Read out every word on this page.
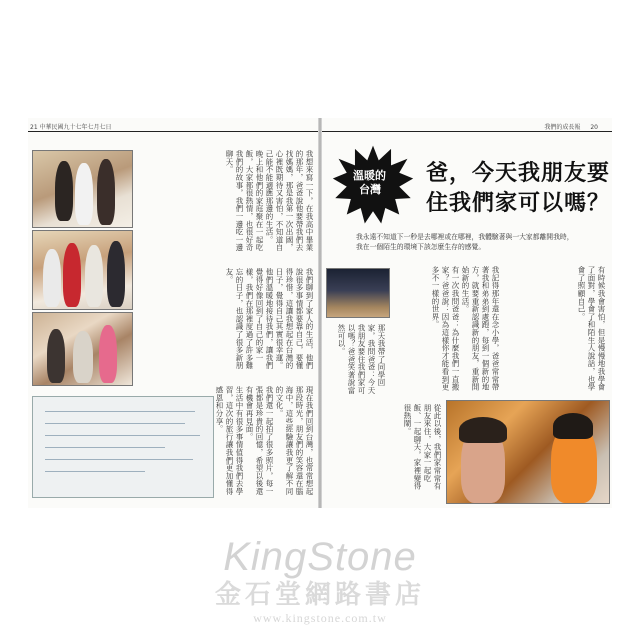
21 中華民國九十七年七月七日
我想來寫一下，在我高中畢業的那年，爸爸說他要帶我們去找媽媽，那是我第一次出國，心裡既期待又害怕，不知道自己能不能適應那邊的生活。
晚上和他們的家庭聚在一起吃飯，大家都很熱情，也很好奇我們的故事，我們一邊吃一邊聊天。
我們聊到了家人的生活，他們說很多事情都要靠自己，要懂得珍惜，這讓我想起在台灣的日子，覺得自己其實很幸運。
他們溫暖地接待我們，讓我們覺得好像回到了自己的家一樣，我們在那裡度過了許多難忘的日子，也認識了很多新朋友。
現在我們回到台灣，也常常想起那段時光，朋友們的笑容還在腦海中，這些經驗讓我更了解不同的文化。
我們還一起拍了很多照片，每一張都是珍貴的回憶，希望以後還有機會再見面。
生活中有很多事情值得我們去學習，這次的旅行讓我們更加懂得感恩和分享。
我們的成長報 20
溫暖的
台灣
爸，今天我朋友要
住我們家可以嗎？
我永遠不知道下一秒是去哪裡或在哪裡，我體驗著與一大家都離開我時，我在一個陌生的環境下該怎麼生存的感覺。
我記得那年還在念小學，爸爸常常帶著我和弟弟到處跑，每到一個新的地方，就要重新認識新的朋友，重新開始新的生活。
有一次我問爸爸：為什麼我們一直搬家？爸爸說：因為這樣你才能看到更多不一樣的世界。	有時候我會害怕，但是慢慢地我學會了面對，學會了和陌生人說話，也學會了照顧自己。
那天我帶了同學回家，我問爸爸：今天我朋友要住我們家可以嗎？爸爸笑著說當然可以。
從此以後，我們家常常有朋友來住，大家一起吃飯、一起聊天，家裡變得很熱鬧。
KingStone
金石堂網路書店
www.kingstone.com.tw
